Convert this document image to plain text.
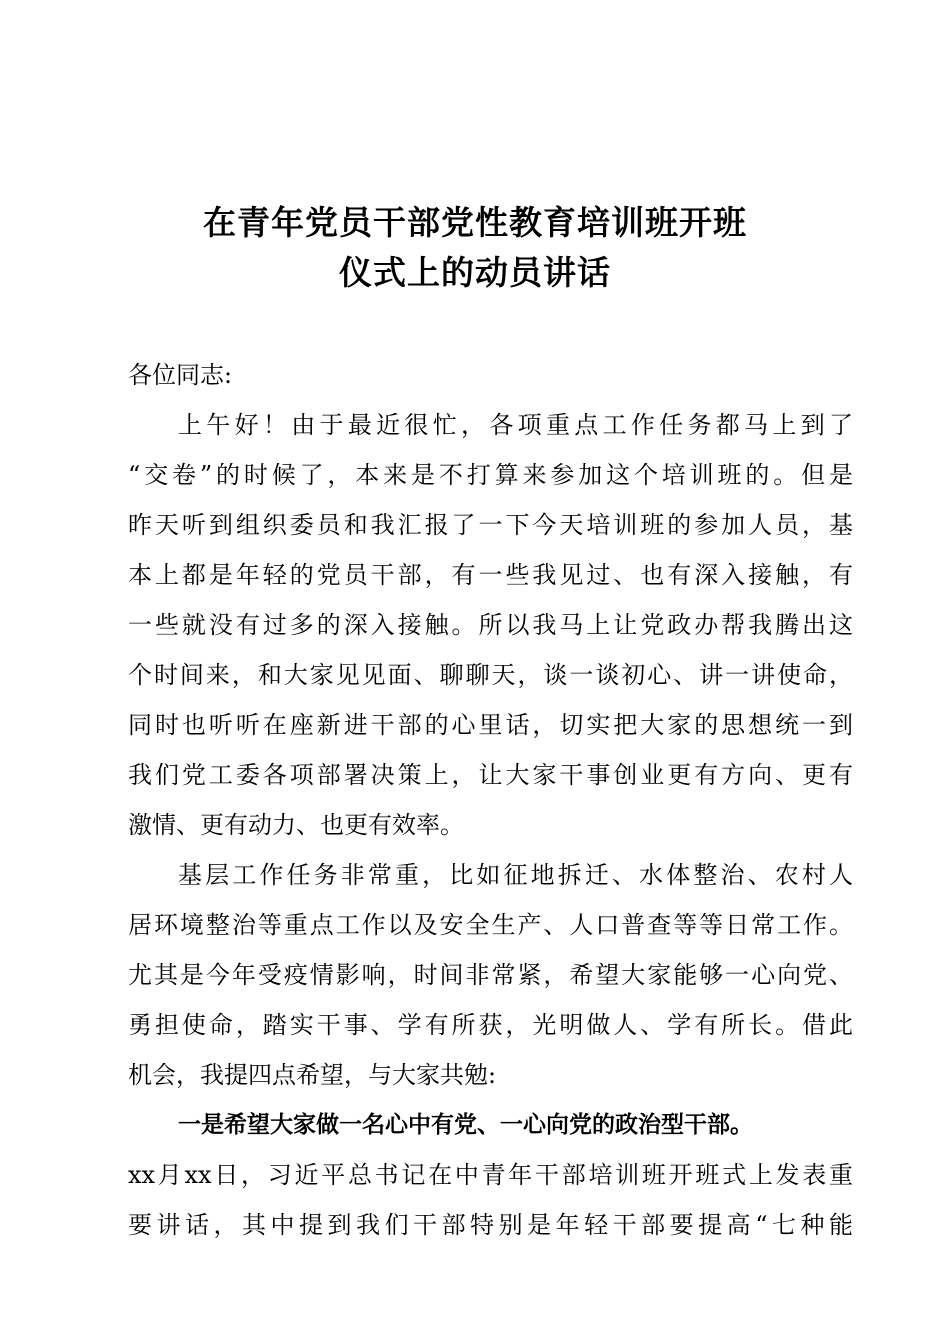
在青年党员干部党性教育培训班开班
仪式上的动员讲话
各位同志:
上午好！由于最近很忙，各项重点工作任务都马上到了
“交卷”的时候了，本来是不打算来参加这个培训班的。但是
昨天听到组织委员和我汇报了一下今天培训班的参加人员，基
本上都是年轻的党员干部，有一些我见过、也有深入接触，有
一些就没有过多的深入接触。所以我马上让党政办帮我腾出这
个时间来，和大家见见面、聊聊天，谈一谈初心、讲一讲使命，
同时也听听在座新进干部的心里话，切实把大家的思想统一到
我们党工委各项部署决策上，让大家干事创业更有方向、更有
激情、更有动力、也更有效率。
基层工作任务非常重，比如征地拆迁、水体整治、农村人
居环境整治等重点工作以及安全生产、人口普查等等日常工作。
尤其是今年受疫情影响，时间非常紧，希望大家能够一心向党、
勇担使命，踏实干事、学有所获，光明做人、学有所长。借此
机会，我提四点希望，与大家共勉:
一是希望大家做一名心中有党、一心向党的政治型干部。
xx月xx日，习近平总书记在中青年干部培训班开班式上发表重
要讲话，其中提到我们干部特别是年轻干部要提高“七种能
